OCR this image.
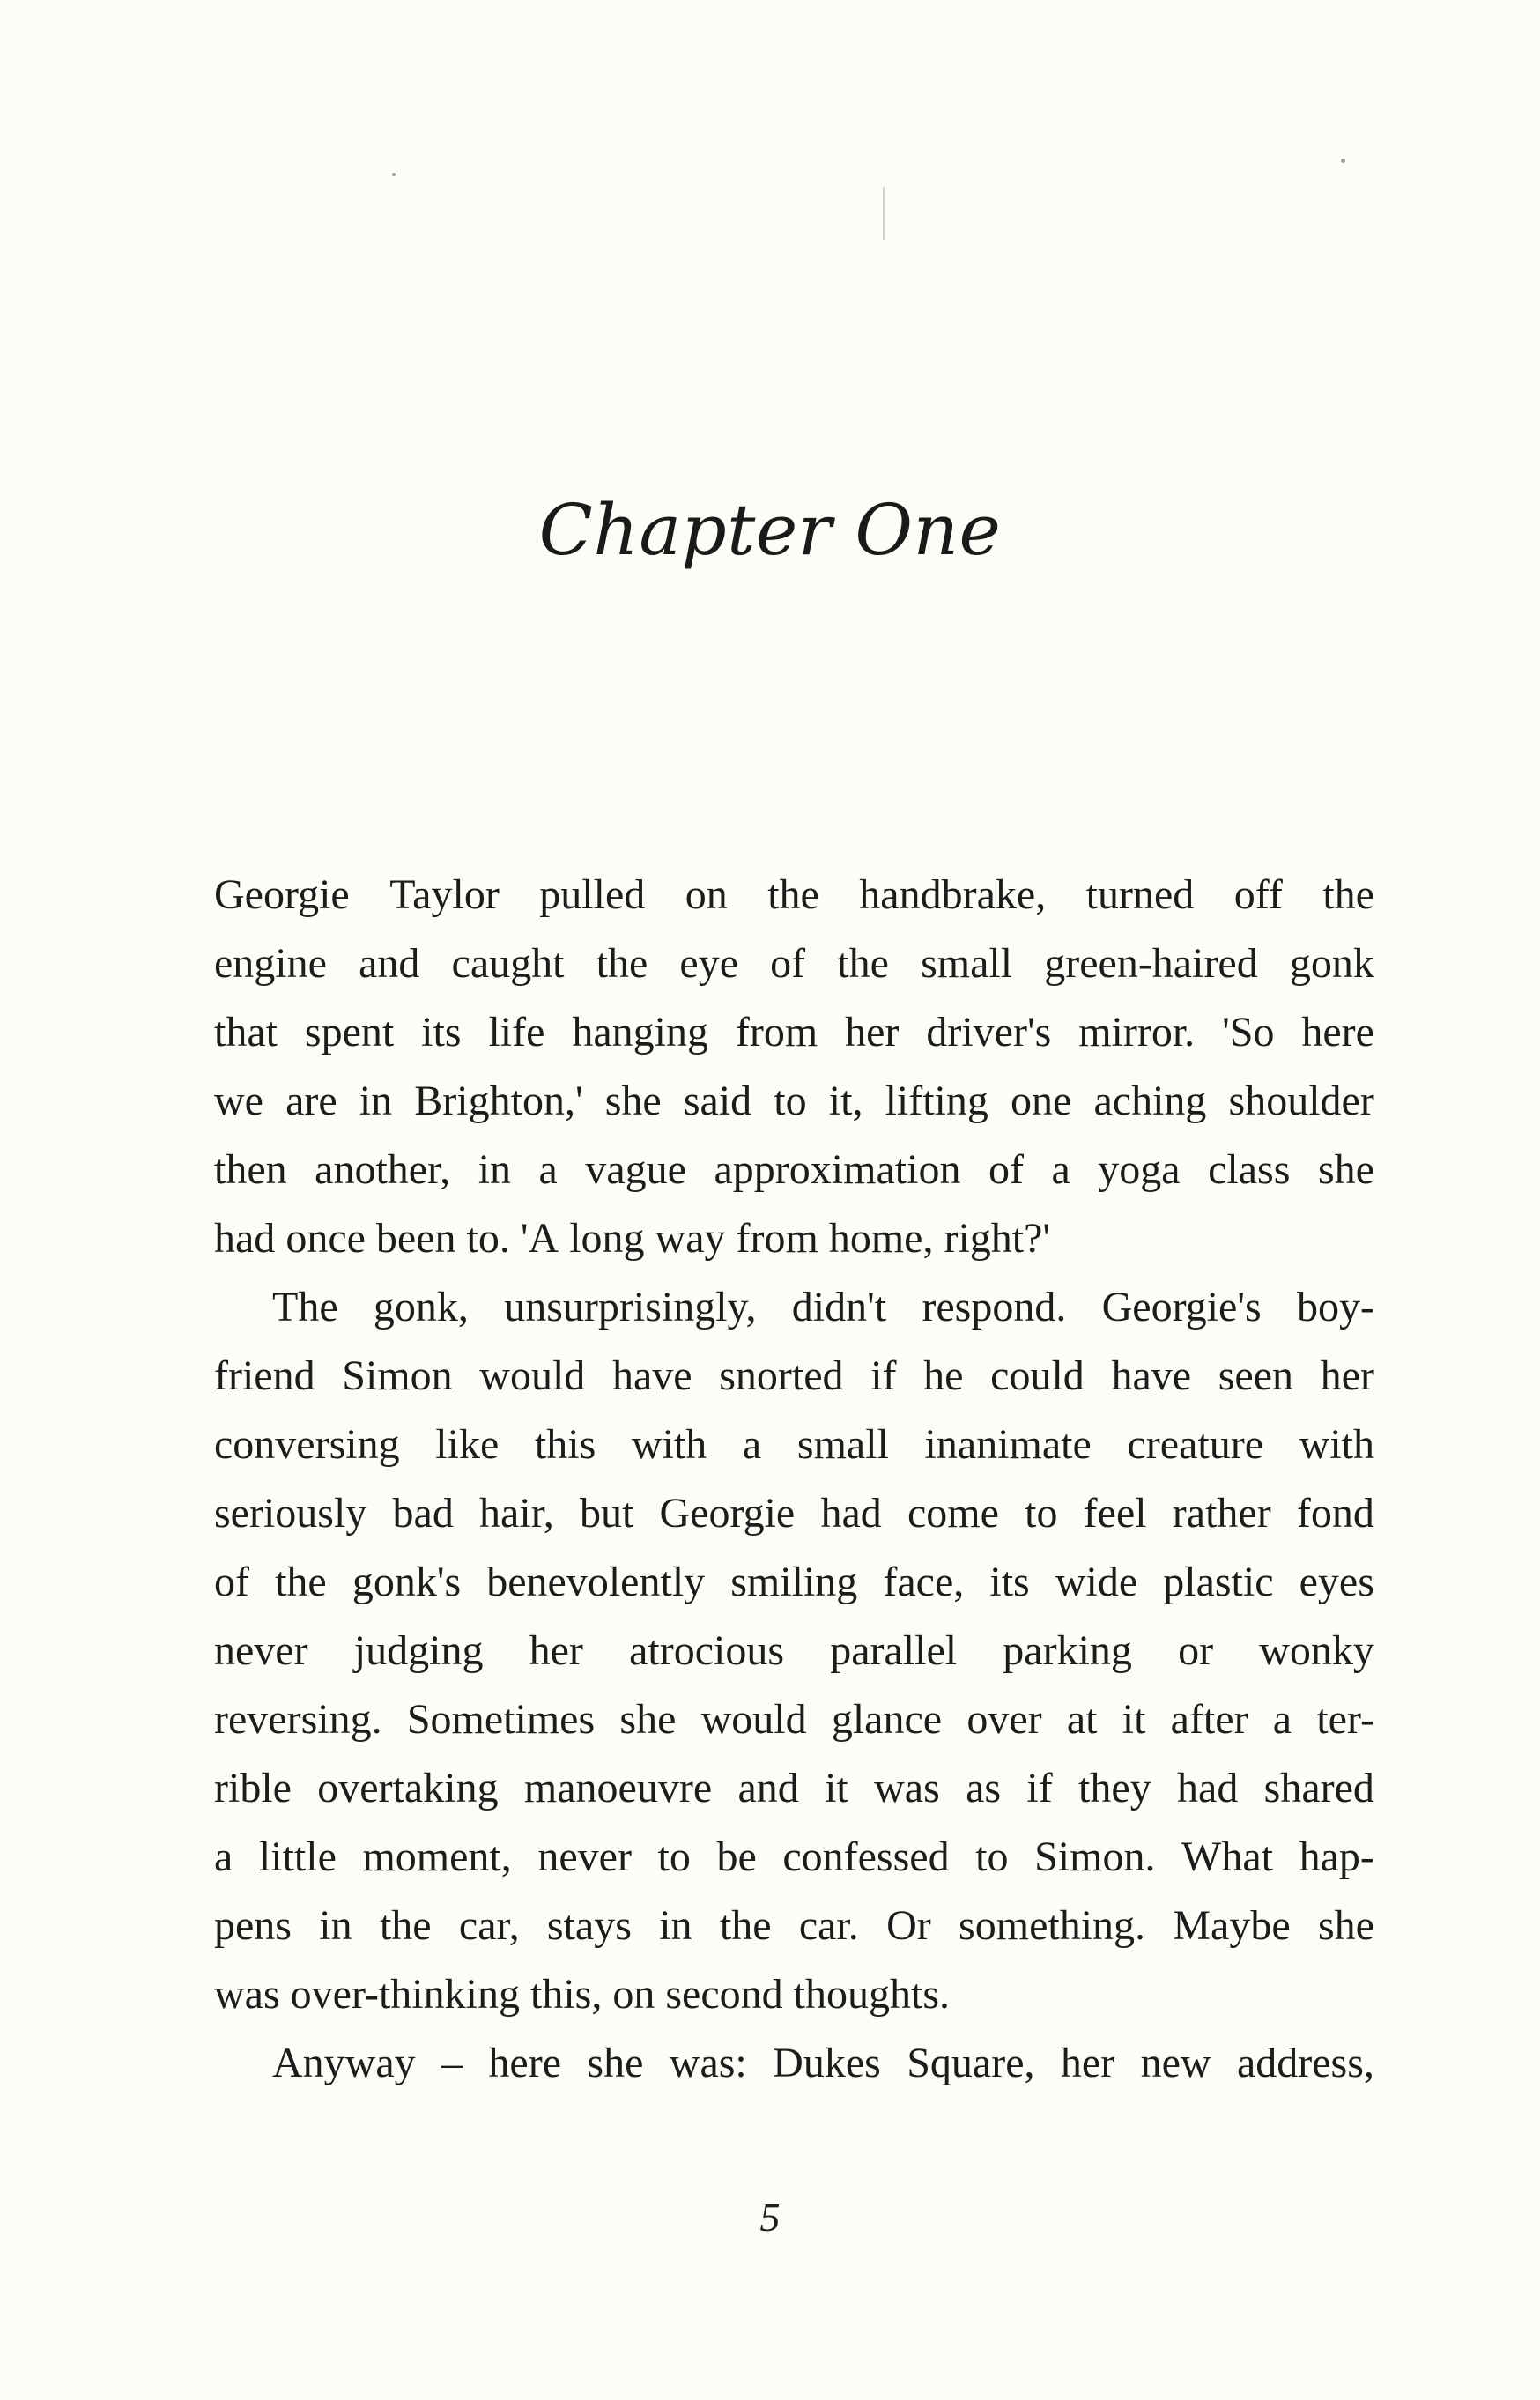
Chapter One
Georgie Taylor pulled on the handbrake, turned off the
engine and caught the eye of the small green-haired gonk
that spent its life hanging from her driver's mirror. 'So here
we are in Brighton,' she said to it, lifting one aching shoulder
then another, in a vague approximation of a yoga class she
had once been to. 'A long way from home, right?'
The gonk, unsurprisingly, didn't respond. Georgie's boy-
friend Simon would have snorted if he could have seen her
conversing like this with a small inanimate creature with
seriously bad hair, but Georgie had come to feel rather fond
of the gonk's benevolently smiling face, its wide plastic eyes
never judging her atrocious parallel parking or wonky
reversing. Sometimes she would glance over at it after a ter-
rible overtaking manoeuvre and it was as if they had shared
a little moment, never to be confessed to Simon. What hap-
pens in the car, stays in the car. Or something. Maybe she
was over-thinking this, on second thoughts.
Anyway – here she was: Dukes Square, her new address,
5
